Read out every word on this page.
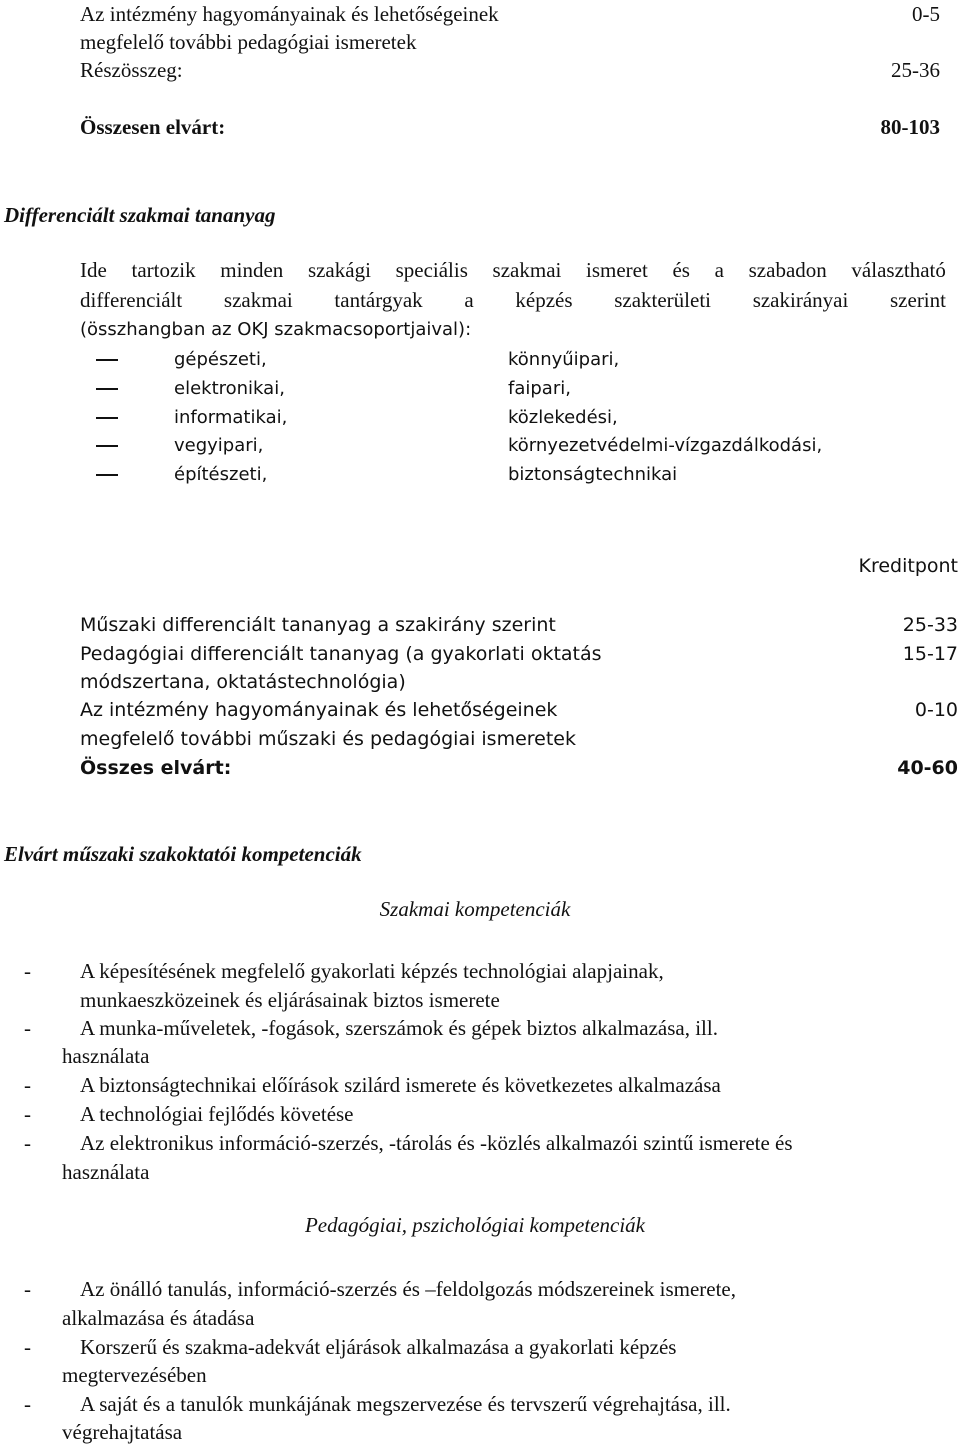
Az intézmény hagyományainak és lehetőségeinek	0-5
megfelelő további pedagógiai ismeretek
Részösszeg:	25-36
Összesen elvárt:	80-103
Differenciált szakmai tananyag
Ide tartozik minden szakági speciális szakmai ismeret és a szabadon választható
differenciált szakmai tantárgyak a képzés szakterületi szakirányai szerint
(összhangban az OKJ szakmacsoportjaival):
gépészeti,	könnyűipari,
elektronikai,	faipari,
informatikai,	közlekedési,
vegyipari,	környezetvédelmi-vízgazdálkodási,
építészeti,	biztonságtechnikai
Kreditpont
Műszaki differenciált tananyag a szakirány szerint	25-33
Pedagógiai differenciált tananyag (a gyakorlati oktatás	15-17
módszertana, oktatástechnológia)
Az intézmény hagyományainak és lehetőségeinek	0-10
megfelelő további műszaki és pedagógiai ismeretek
Összes elvárt:	40-60
Elvárt műszaki szakoktatói kompetenciák
Szakmai kompetenciák
- A képesítésének megfelelő gyakorlati képzés technológiai alapjainak,
munkaeszközeinek és eljárásainak biztos ismerete
- A munka-műveletek, -fogások, szerszámok és gépek biztos alkalmazása, ill.
használata
- A biztonságtechnikai előírások szilárd ismerete és következetes alkalmazása
- A technológiai fejlődés követése
- Az elektronikus információ-szerzés, -tárolás és -közlés alkalmazói szintű ismerete és
használata
Pedagógiai, pszichológiai kompetenciák
- Az önálló tanulás, információ-szerzés és –feldolgozás módszereinek ismerete,
alkalmazása és átadása
- Korszerű és szakma-adekvát eljárások alkalmazása a gyakorlati képzés
megtervezésében
- A saját és a tanulók munkájának megszervezése és tervszerű végrehajtása, ill.
végrehajtatása
